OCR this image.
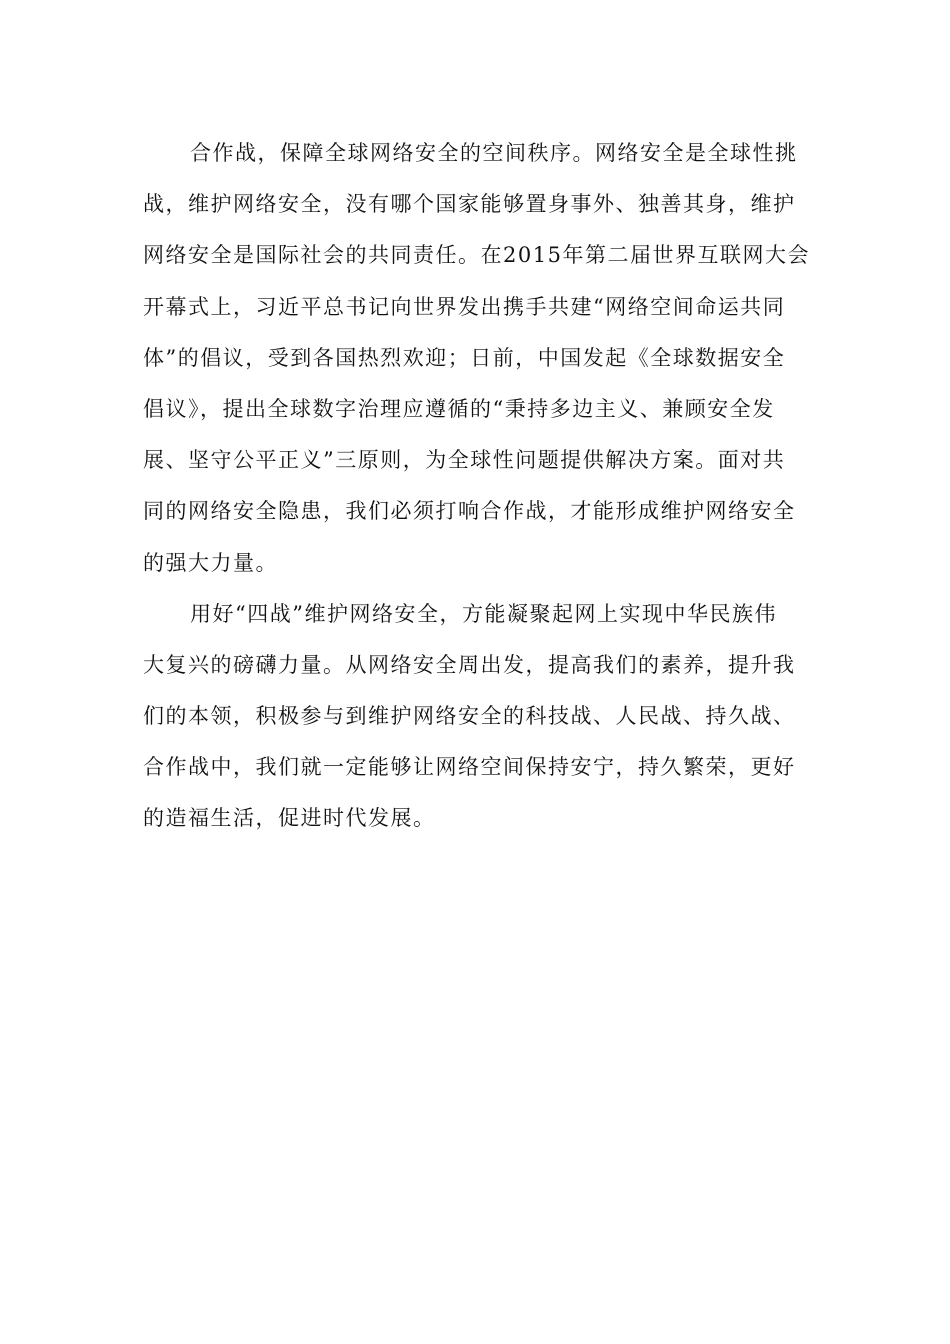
合作战，保障全球网络安全的空间秩序。网络安全是全球性挑
战，维护网络安全，没有哪个国家能够置身事外、独善其身，维护
网络安全是国际社会的共同责任。在2015年第二届世界互联网大会
开幕式上，习近平总书记向世界发出携手共建“网络空间命运共同
体”的倡议，受到各国热烈欢迎；日前，中国发起《全球数据安全
倡议》，提出全球数字治理应遵循的“秉持多边主义、兼顾安全发
展、坚守公平正义”三原则，为全球性问题提供解决方案。面对共
同的网络安全隐患，我们必须打响合作战，才能形成维护网络安全
的强大力量。
用好“四战”维护网络安全，方能凝聚起网上实现中华民族伟
大复兴的磅礴力量。从网络安全周出发，提高我们的素养，提升我
们的本领，积极参与到维护网络安全的科技战、人民战、持久战、
合作战中，我们就一定能够让网络空间保持安宁，持久繁荣，更好
的造福生活，促进时代发展。
